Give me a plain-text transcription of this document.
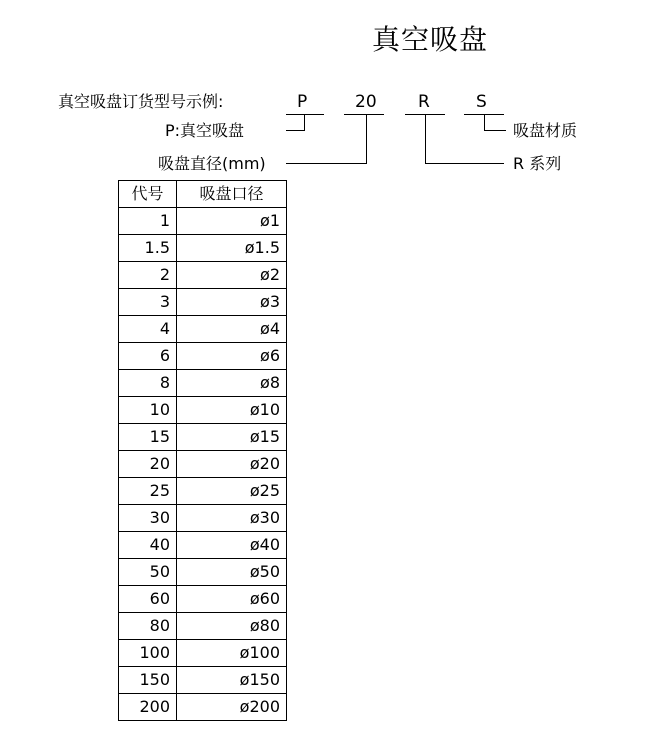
真空吸盘
真空吸盘订货型号示例:	P	20 R	S
P:真空吸盘
吸盘直径(mm)
吸盘材质
R 系列
代号	吸盘口径
1	ø1
1.5	ø1.5
2	ø2
3	ø3
4	ø4
6	ø6
8	ø8
10	ø10
15	ø15
20	ø20
25	ø25
30	ø30
40	ø40
50	ø50
60	ø60
80	ø80
100	ø100
150	ø150
200	ø200
